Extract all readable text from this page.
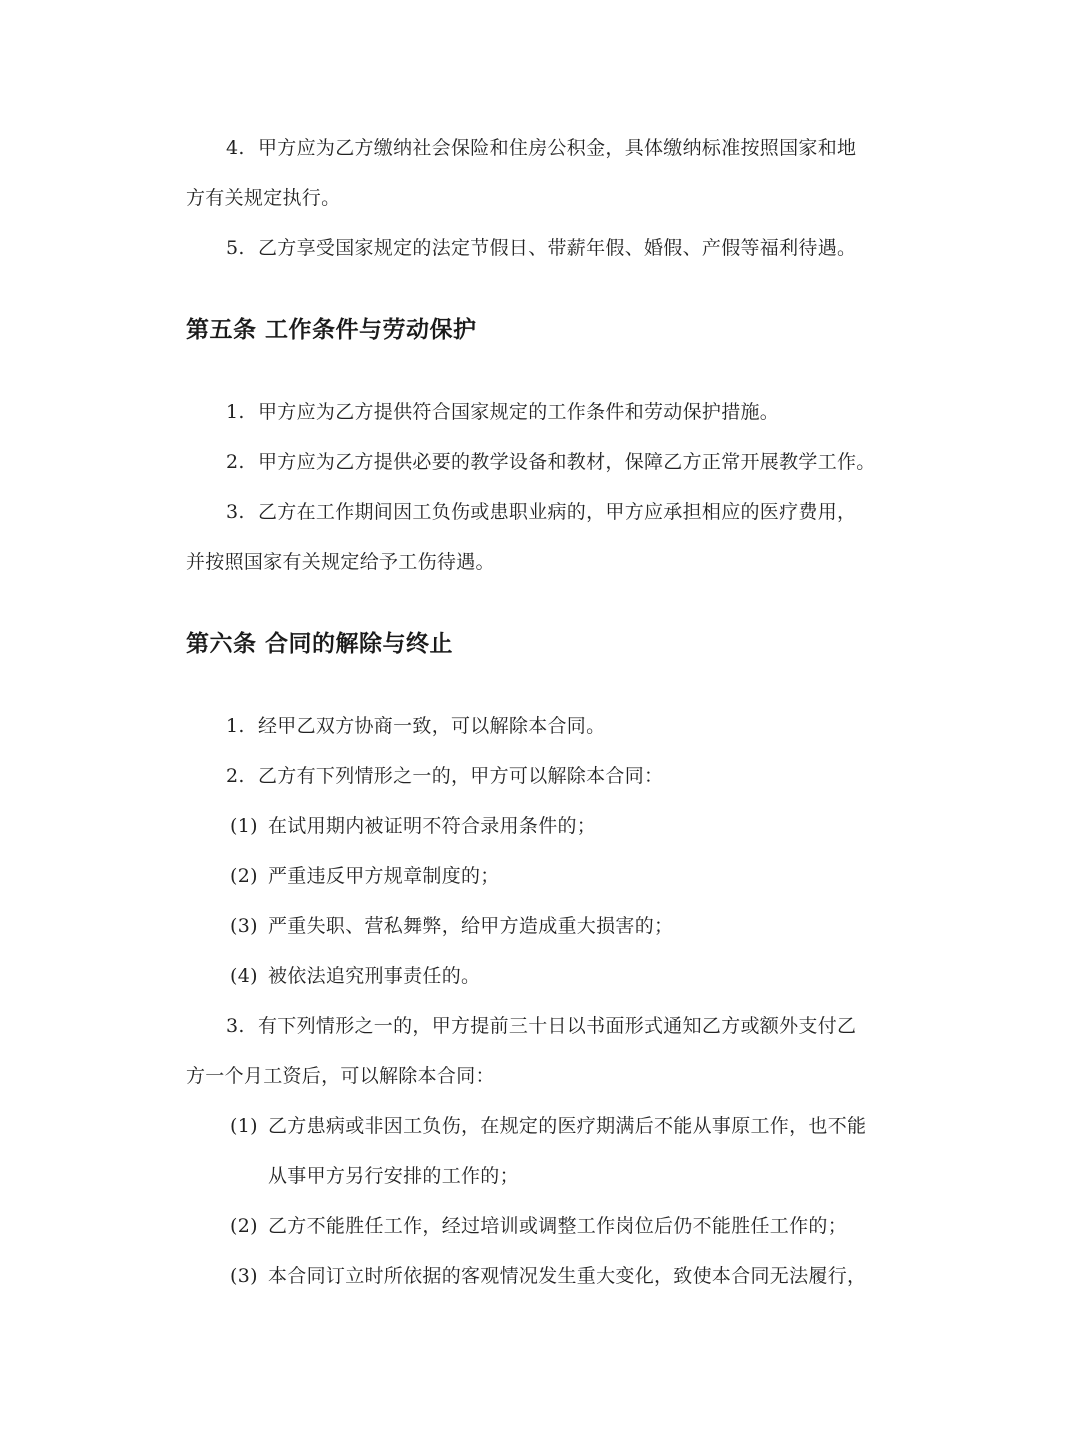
4. 甲方应为乙方缴纳社会保险和住房公积金，具体缴纳标准按照国家和地
方有关规定执行。
5. 乙方享受国家规定的法定节假日、带薪年假、婚假、产假等福利待遇。
第五条 工作条件与劳动保护
1. 甲方应为乙方提供符合国家规定的工作条件和劳动保护措施。
2. 甲方应为乙方提供必要的教学设备和教材，保障乙方正常开展教学工作。
3. 乙方在工作期间因工负伤或患职业病的，甲方应承担相应的医疗费用，
并按照国家有关规定给予工伤待遇。
第六条 合同的解除与终止
1. 经甲乙双方协商一致，可以解除本合同。
2. 乙方有下列情形之一的，甲方可以解除本合同：
(1) 在试用期内被证明不符合录用条件的；
(2) 严重违反甲方规章制度的；
(3) 严重失职、营私舞弊，给甲方造成重大损害的；
(4) 被依法追究刑事责任的。
3. 有下列情形之一的，甲方提前三十日以书面形式通知乙方或额外支付乙
方一个月工资后，可以解除本合同：
(1) 乙方患病或非因工负伤，在规定的医疗期满后不能从事原工作，也不能
从事甲方另行安排的工作的；
(2) 乙方不能胜任工作，经过培训或调整工作岗位后仍不能胜任工作的；
(3) 本合同订立时所依据的客观情况发生重大变化，致使本合同无法履行，
